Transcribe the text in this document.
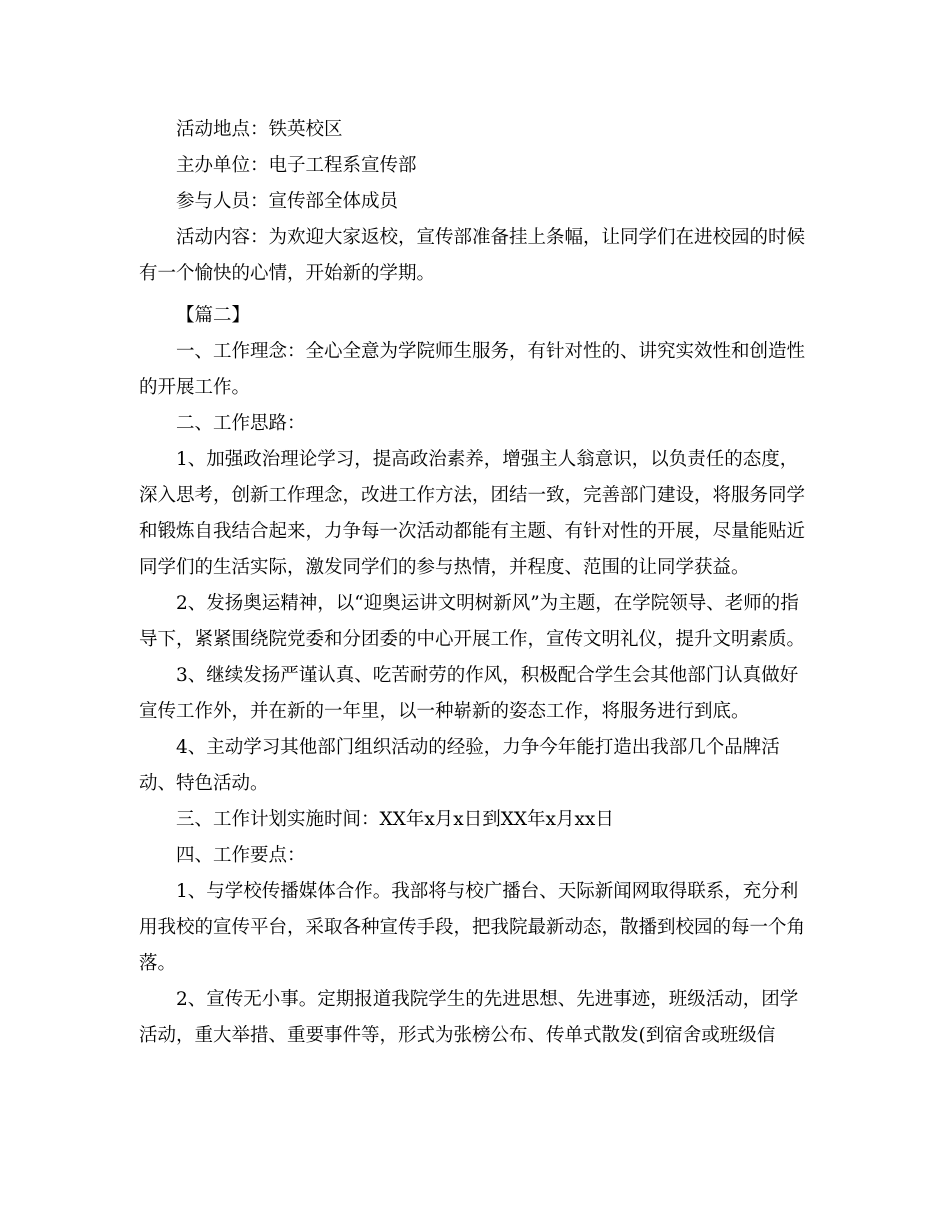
活动地点：铁英校区

主办单位：电子工程系宣传部

参与人员：宣传部全体成员

活动内容：为欢迎大家返校，宣传部准备挂上条幅，让同学们在进校园的时候有一个愉快的心情，开始新的学期。

【篇二】

一、工作理念：全心全意为学院师生服务，有针对性的、讲究实效性和创造性的开展工作。

二、工作思路：

1、加强政治理论学习，提高政治素养，增强主人翁意识，以负责任的态度，深入思考，创新工作理念，改进工作方法，团结一致，完善部门建设，将服务同学和锻炼自我结合起来，力争每一次活动都能有主题、有针对性的开展，尽量能贴近同学们的生活实际，激发同学们的参与热情，并程度、范围的让同学获益。

2、发扬奥运精神，以“迎奥运讲文明树新风”为主题，在学院领导、老师的指导下，紧紧围绕院党委和分团委的中心开展工作，宣传文明礼仪，提升文明素质。

3、继续发扬严谨认真、吃苦耐劳的作风，积极配合学生会其他部门认真做好宣传工作外，并在新的一年里，以一种崭新的姿态工作，将服务进行到底。

4、主动学习其他部门组织活动的经验，力争今年能打造出我部几个品牌活动、特色活动。

三、工作计划实施时间：XX年x月x日到XX年x月xx日

四、工作要点：

1、与学校传播媒体合作。我部将与校广播台、天际新闻网取得联系，充分利用我校的宣传平台，采取各种宣传手段，把我院最新动态，散播到校园的每一个角落。

2、宣传无小事。定期报道我院学生的先进思想、先进事迹，班级活动，团学活动，重大举措、重要事件等，形式为张榜公布、传单式散发(到宿舍或班级信
